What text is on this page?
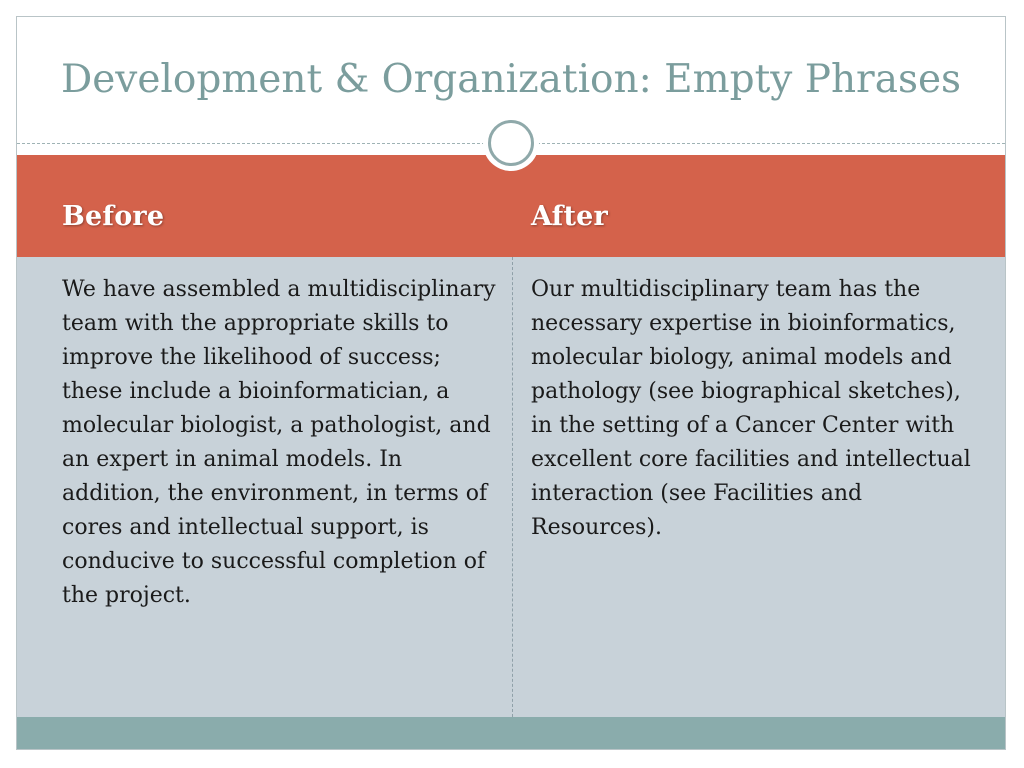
Development & Organization: Empty Phrases
Before	After
We have assembled a multidisciplinary team with the appropriate skills to improve the likelihood of success; these include a bioinformatician, a molecular biologist, a pathologist, and an expert in animal models. In addition, the environment, in terms of cores and intellectual support, is conducive to successful completion of the project.
Our multidisciplinary team has the necessary expertise in bioinformatics, molecular biology, animal models and pathology (see biographical sketches), in the setting of a Cancer Center with excellent core facilities and intellectual interaction (see Facilities and Resources).
